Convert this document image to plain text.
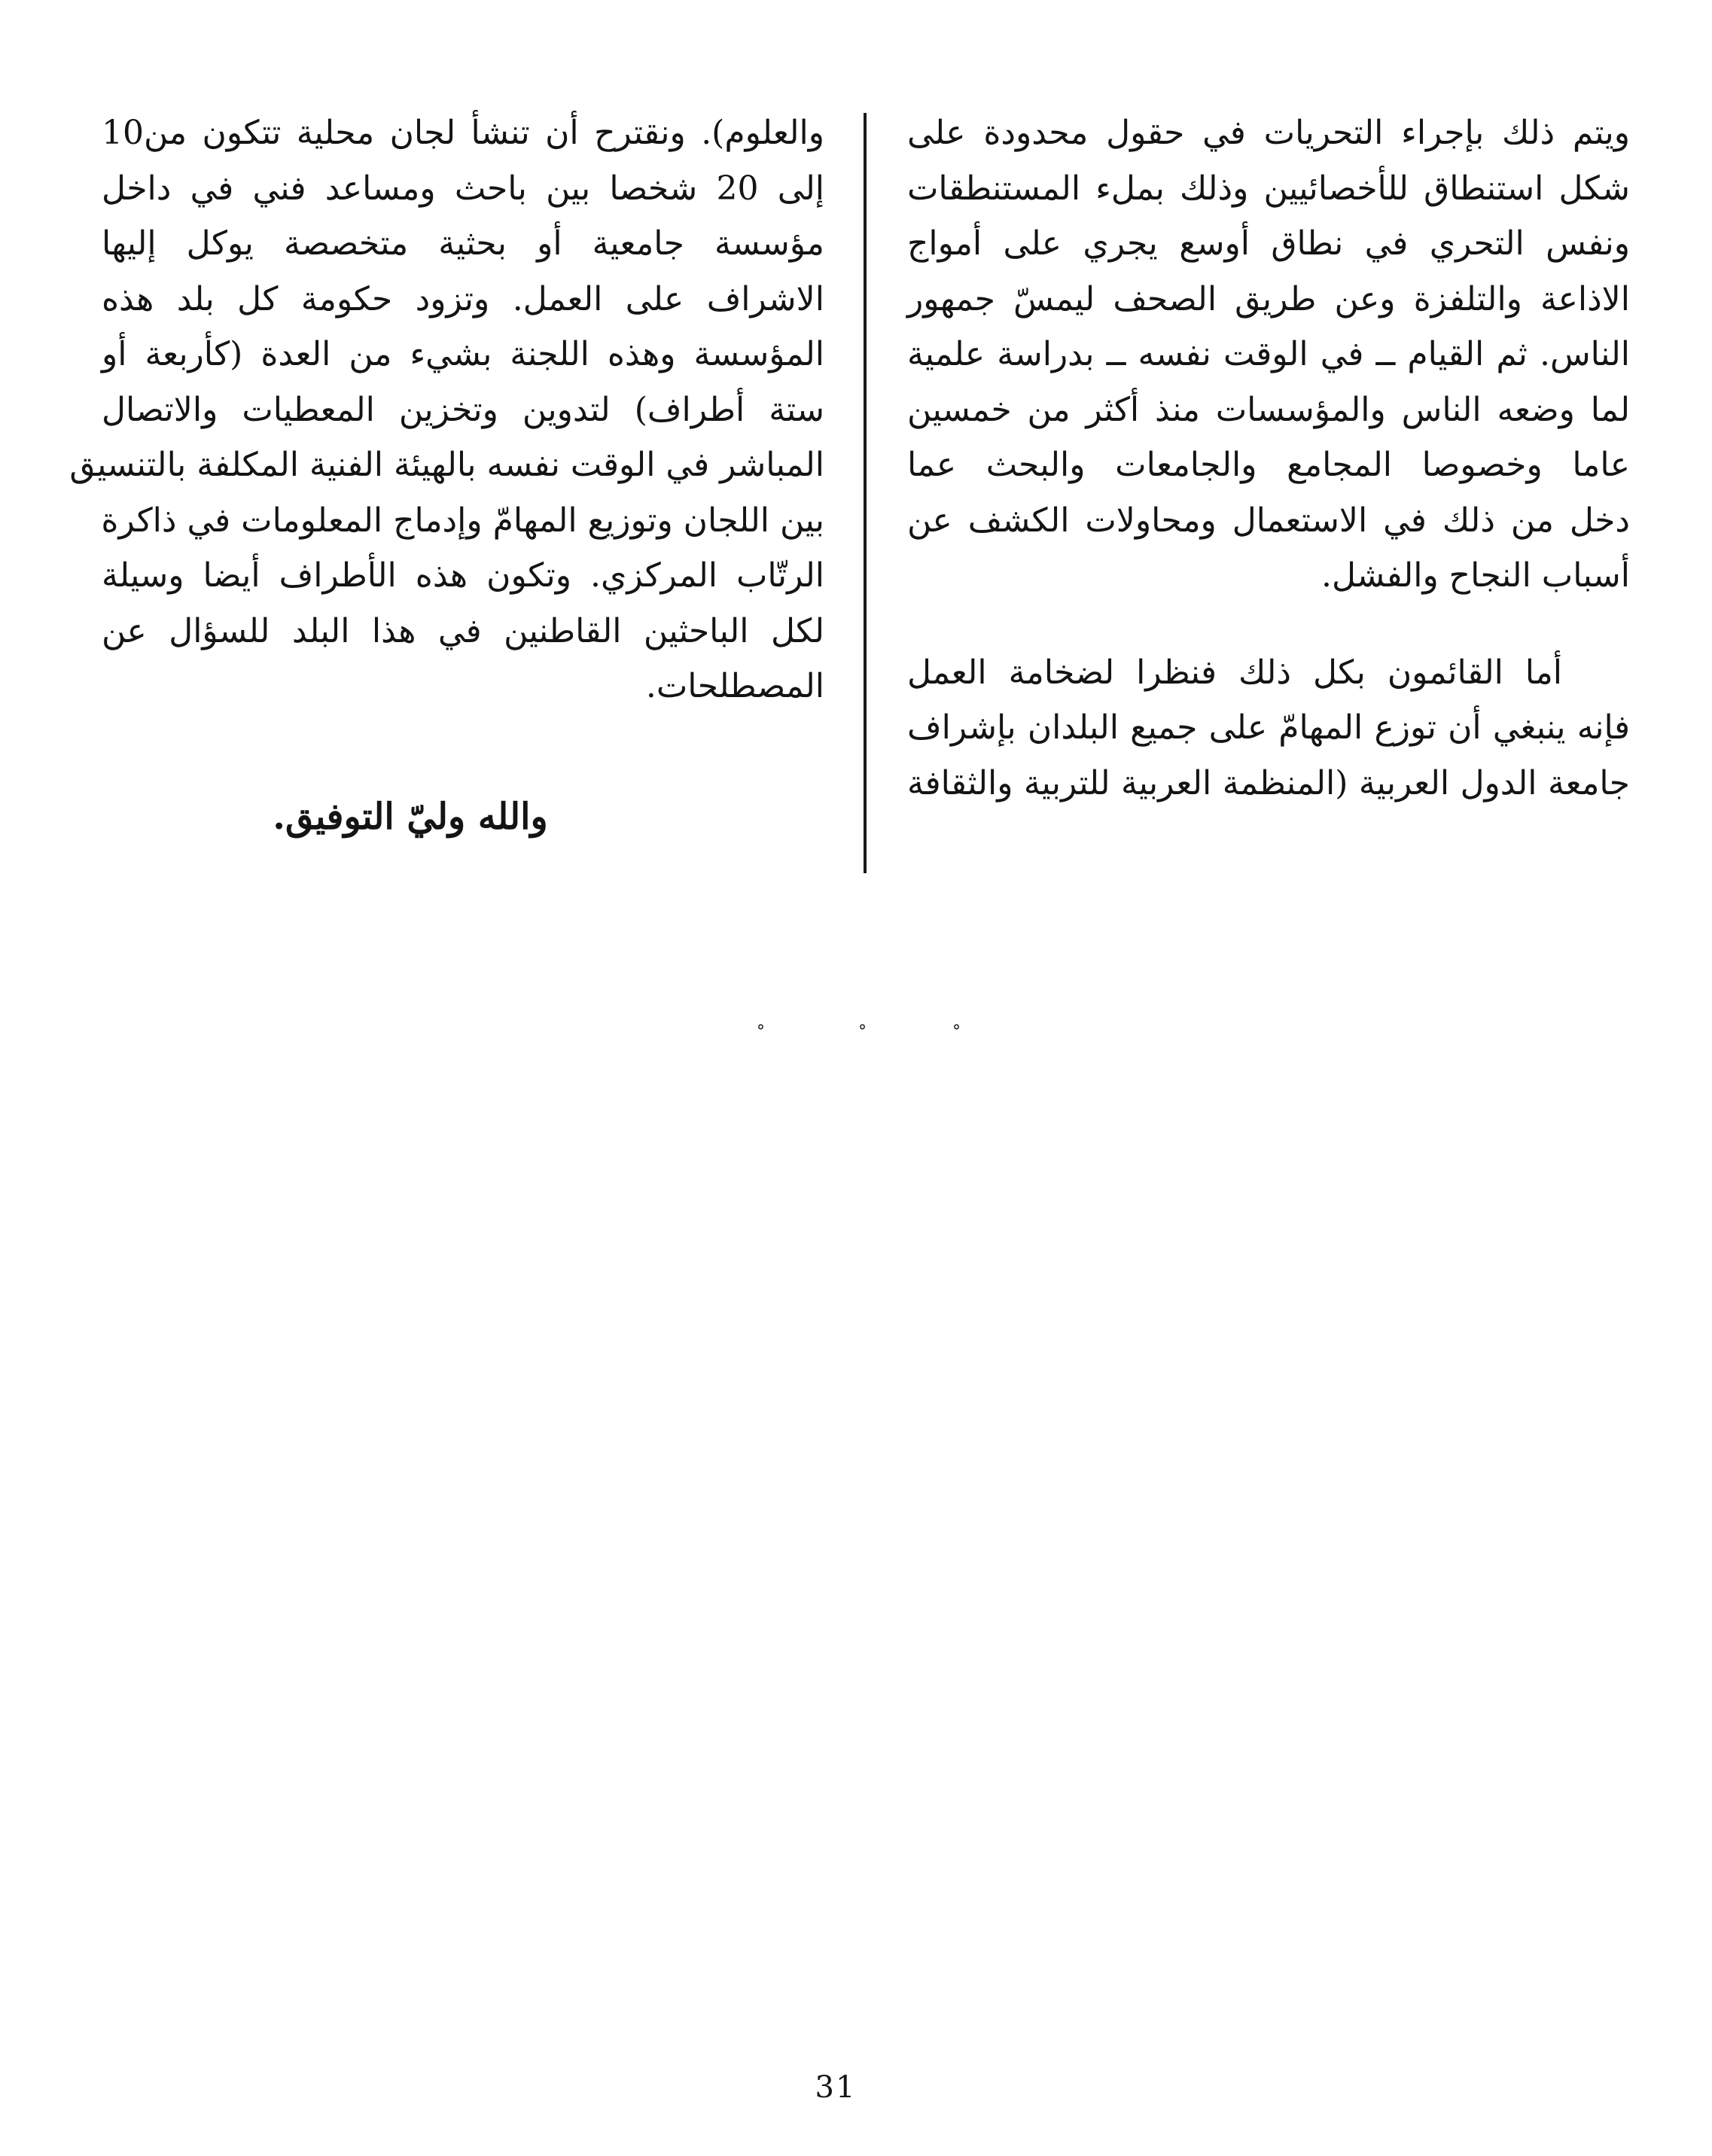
ويتم ذلك بإجراء التحريات في حقول محدودة على
شكل استنطاق للأخصائيين وذلك بملء المستنطقات
ونفس التحري في نطاق أوسع يجري على أمواج
الاذاعة والتلفزة وعن طريق الصحف ليمسّ جمهور
الناس. ثم القيام ــ في الوقت نفسه ــ بدراسة علمية
لما وضعه الناس والمؤسسات منذ أكثر من خمسين
عاما وخصوصا المجامع والجامعات والبحث عما
دخل من ذلك في الاستعمال ومحاولات الكشف عن
أسباب النجاح والفشل.
أما القائمون بكل ذلك فنظرا لضخامة العمل
فإنه ينبغي أن توزع المهامّ على جميع البلدان بإشراف
جامعة الدول العربية (المنظمة العربية للتربية والثقافة
والعلوم). ونقترح أن تنشأ لجان محلية تتكون من10
إلى 20 شخصا بين باحث ومساعد فني في داخل
مؤسسة جامعية أو بحثية متخصصة يوكل إليها
الاشراف على العمل. وتزود حكومة كل بلد هذه
المؤسسة وهذه اللجنة بشيء من العدة (كأربعة أو
ستة أطراف) لتدوين وتخزين المعطيات والاتصال
المباشر في الوقت نفسه بالهيئة الفنية المكلفة بالتنسيق
بين اللجان وتوزيع المهامّ وإدماج المعلومات في ذاكرة
الرتّاب المركزي. وتكون هذه الأطراف أيضا وسيلة
لكل الباحثين القاطنين في هذا البلد للسؤال عن
المصطلحات.
والله وليّ التوفيق.
°	°	°
31
